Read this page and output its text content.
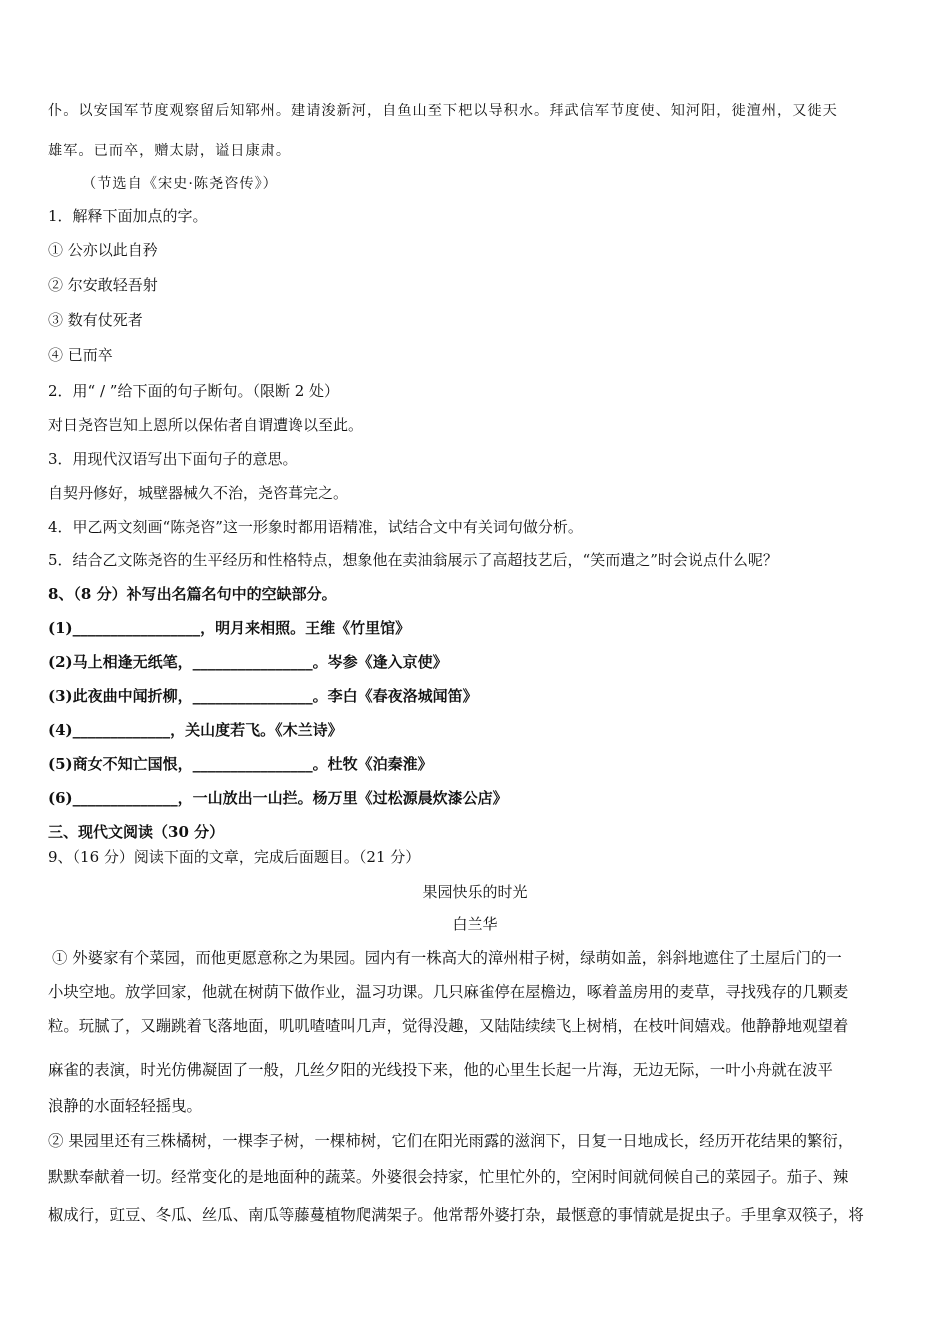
仆。以安国军节度观察留后知郓州。建请浚新河，自鱼山至下杷以导积水。拜武信军节度使、知河阳，徙澶州，又徙天
雄军。已而卒，赠太尉，谥日康肃。
（节选自《宋史·陈尧咨传》）
1．解释下面加点的字。
① 公亦以此自矜
② 尔安敢轻吾射
③ 数有仗死者
④ 已而卒
2．用“ / ”给下面的句子断句。（限断 2 处）
对日尧咨岂知上恩所以保佑者自谓遭谗以至此。
3．用现代汉语写出下面句子的意思。
自契丹修好，城壁器械久不治，尧咨葺完之。
4．甲乙两文刻画“陈尧咨”这一形象时都用语精准，试结合文中有关词句做分析。
5．结合乙文陈尧咨的生平经历和性格特点，想象他在卖油翁展示了高超技艺后，“笑而遣之”时会说点什么呢？
8、（8 分）补写出名篇名句中的空缺部分。
(1)_________________，明月来相照。王维《竹里馆》
(2)马上相逢无纸笔，________________。岑参《逢入京使》
(3)此夜曲中闻折柳，________________。李白《春夜洛城闻笛》
(4)_____________，关山度若飞。《木兰诗》
(5)商女不知亡国恨，________________。杜牧《泊秦淮》
(6)______________，一山放出一山拦。杨万里《过松源晨炊漆公店》
三、现代文阅读（30 分）
9、（16 分）阅读下面的文章，完成后面题目。（21 分）
果园快乐的时光
白兰华
① 外婆家有个菜园，而他更愿意称之为果园。园内有一株高大的漳州柑子树，绿萌如盖，斜斜地遮住了土屋后门的一
小块空地。放学回家，他就在树荫下做作业，温习功课。几只麻雀停在屋檐边，啄着盖房用的麦草，寻找残存的几颗麦
粒。玩腻了，又蹦跳着飞落地面，叽叽喳喳叫几声，觉得没趣，又陆陆续续飞上树梢，在枝叶间嬉戏。他静静地观望着
麻雀的表演，时光仿佛凝固了一般，几丝夕阳的光线投下来，他的心里生长起一片海，无边无际，一叶小舟就在波平
浪静的水面轻轻摇曳。
② 果园里还有三株橘树，一棵李子树，一棵柿树，它们在阳光雨露的滋润下，日复一日地成长，经历开花结果的繁衍，
默默奉献着一切。经常变化的是地面种的蔬菜。外婆很会持家，忙里忙外的，空闲时间就伺候自己的菜园子。茄子、辣
椒成行，豇豆、冬瓜、丝瓜、南瓜等藤蔓植物爬满架子。他常帮外婆打杂，最惬意的事情就是捉虫子。手里拿双筷子，将
